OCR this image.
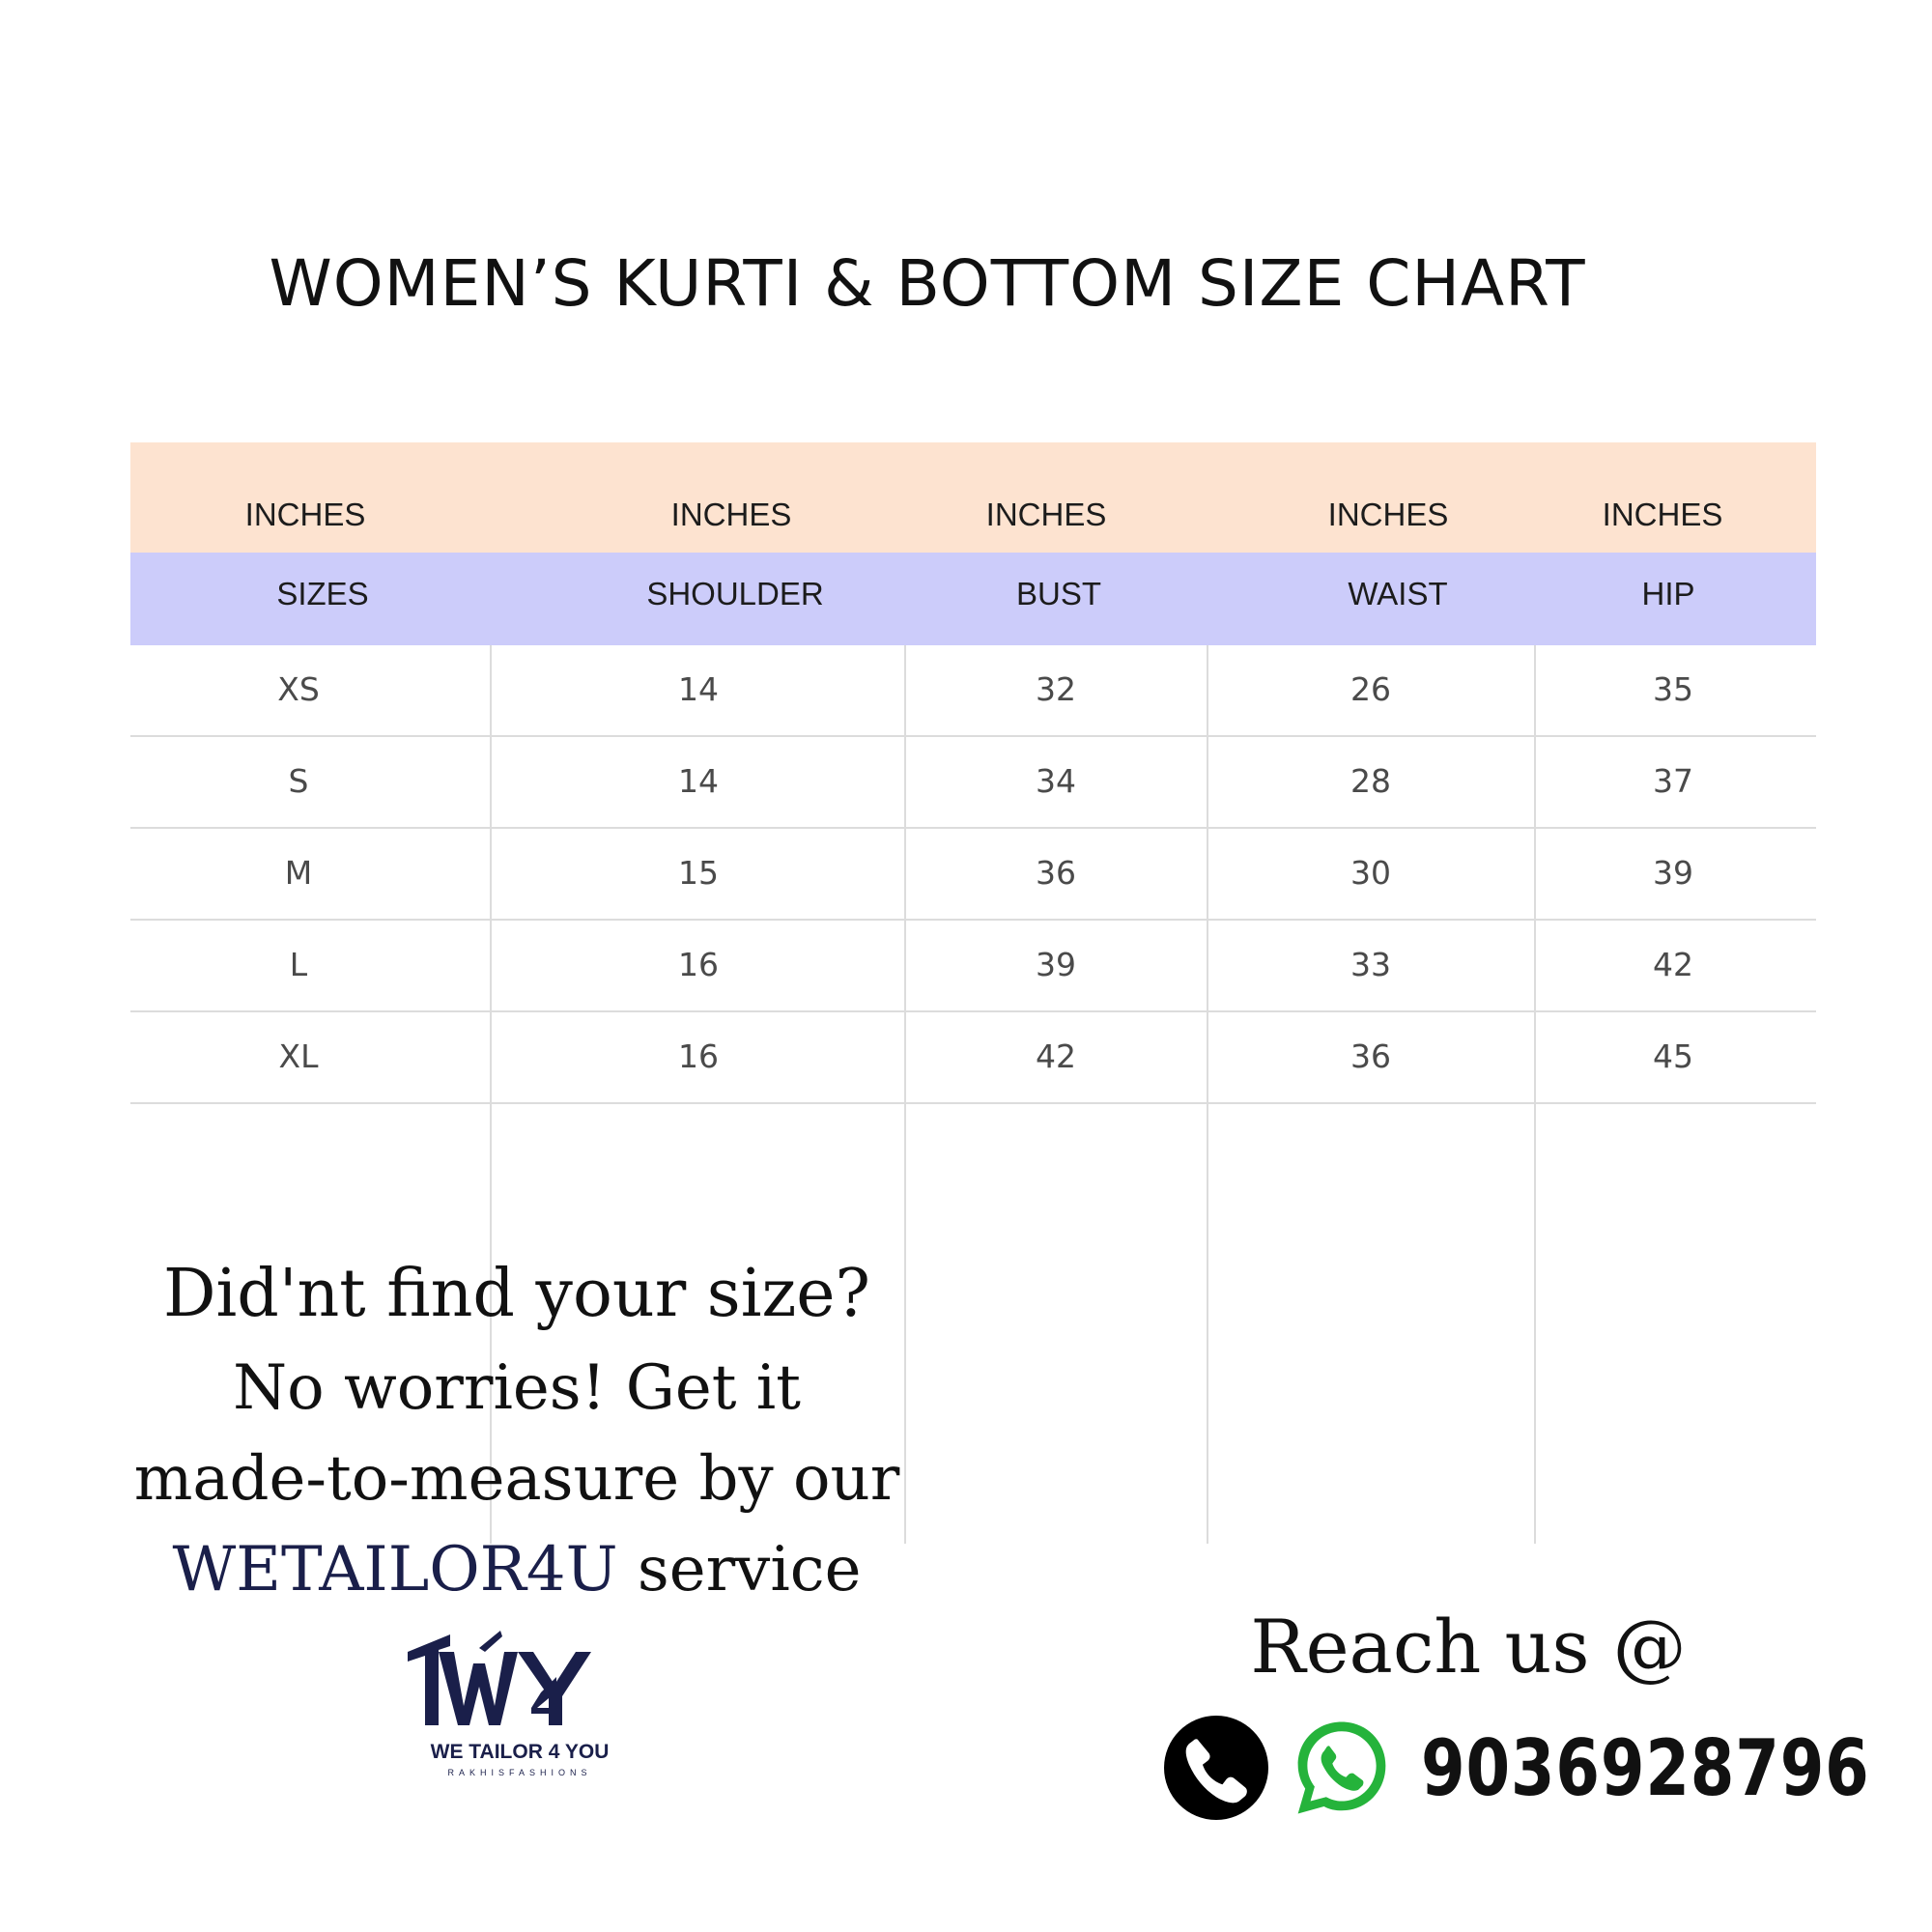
WOMEN’S KURTI & BOTTOM SIZE CHART
INCHES	INCHES	INCHES	INCHES	INCHES
SIZES	SHOULDER	BUST	WAIST	HIP
XS	14	32	26	35
S	14	34	28	37
M	15	36	30	39
L	16	39	33	42
XL	16	42	36	45
Did'nt find your size?
No worries! Get it
made-to-measure by our
WETAILOR4U service
WE TAILOR 4 YOU
RAKHISFASHIONS
Reach us @
9036928796
